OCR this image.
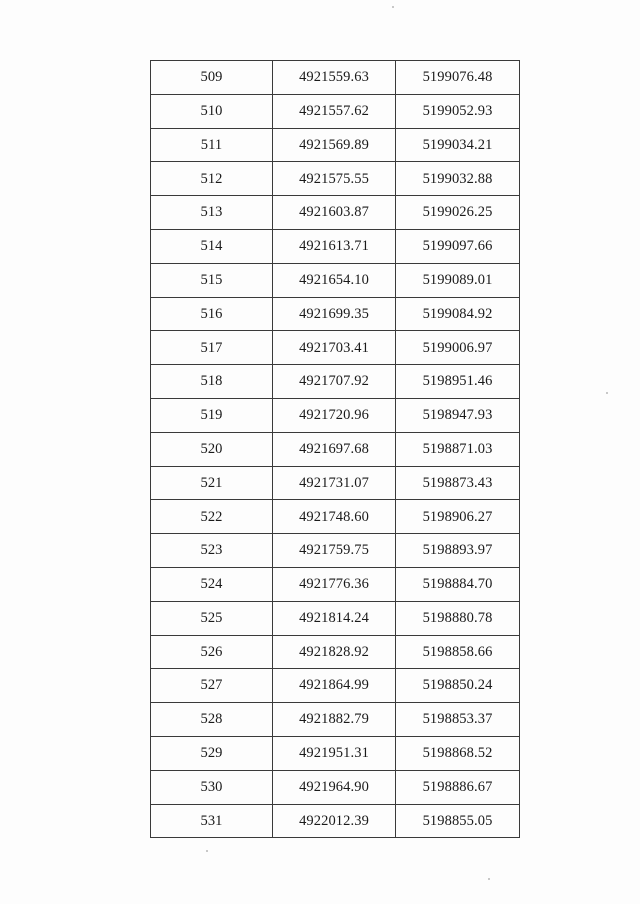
509	4921559.63	5199076.48
510	4921557.62	5199052.93
511	4921569.89	5199034.21
512	4921575.55	5199032.88
513	4921603.87	5199026.25
514	4921613.71	5199097.66
515	4921654.10	5199089.01
516	4921699.35	5199084.92
517	4921703.41	5199006.97
518	4921707.92	5198951.46
519	4921720.96	5198947.93
520	4921697.68	5198871.03
521	4921731.07	5198873.43
522	4921748.60	5198906.27
523	4921759.75	5198893.97
524	4921776.36	5198884.70
525	4921814.24	5198880.78
526	4921828.92	5198858.66
527	4921864.99	5198850.24
528	4921882.79	5198853.37
529	4921951.31	5198868.52
530	4921964.90	5198886.67
531	4922012.39	5198855.05
